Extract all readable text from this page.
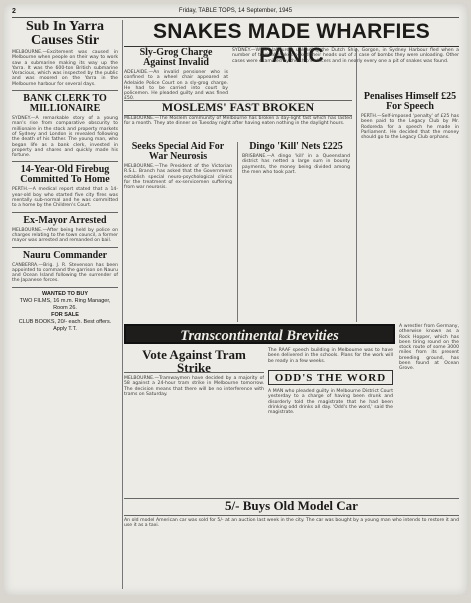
2	Friday, TABLE TOPS, 14 September, 1945
Sub In Yarra Causes Stir

MELBOURNE.—Excitement was caused in Melbourne when people on their way to work saw a submarine making its way up the Yarra. It was the 600-ton British submarine Voracious, which was inspected by the public and was moored on the Yarra in the Melbourne harbour for several days.

BANK CLERK TO MILLIONAIRE

SYDNEY.—A remarkable story of a young man's rise from comparative obscurity to millionaire in the stock and property markets of Sydney and London is revealed following the death of his father. The young man, who began life as a bank clerk, invested in property and shares and quickly made his fortune.

14-Year-Old Firebug Committed To Home

PERTH.—A medical report stated that a 14-year-old boy who started five city fires was mentally sub-normal and he was committed to a home by the Children's Court.

Ex-Mayor Arrested

MELBOURNE.—After being held by police on charges relating to the town council, a former mayor was arrested and remanded on bail.

Nauru Commander

CANBERRA.—Brig. J. R. Stevenson has been appointed to command the garrison on Nauru and Ocean Island following the surrender of the Japanese forces.

WANTED TO BUY
TWO FILMS, 16 m.m. Ring Manager, Room 26.
FOR SALE
CLUB BOOKS, 20/- each. Best offers. Apply T.T.
SNAKES MADE WHARFIES PANIC

SYDNEY.—Wharf labourers unloading the Dutch Ship, Gorgon, in Sydney Harbour fled when a number of tropical snakes poked their heads out of a case of bombs they were unloading. Other cases were examined by the ship's officers and in nearly every one a pit of snakes was found.

Sly-Grog Charge Against Invalid

ADELAIDE.—An invalid pensioner who is confined to a wheel chair appeared at Adelaide Police Court on a sly-grog charge. He had to be carried into court by policemen. He pleaded guilty and was fined £50.

MOSLEMS' FAST BROKEN

MELBOURNE.—The Moslem community of Melbourne has broken a day-light fast which has lasted for a month. They ate dinner on Tuesday night after having eaten nothing in the daylight hours.

Seeks Special Aid For War Neurosis

MELBOURNE.—The President of the Victorian R.S.L. Branch has asked that the Government establish special neuro-psychological clinics for the treatment of ex-servicemen suffering from war neurosis.

Dingo 'Kill' Nets £225

BRISBANE.—A dingo 'kill' in a Queensland district has netted a large sum in bounty payments, the money being divided among the men who took part.

Penalises Himself £25 For Speech

PERTH.—Self-imposed 'penalty' of £25 has been paid to the Legacy Club by Mr. Rodoreda for a speech he made in Parliament. He decided that the money should go to the Legacy Club orphans.

Transcontinental Brevities

A wrestler from Germany, otherwise known as a Rock Hopper, which has been tiring round on the stock route of some 3000 miles from its present breeding ground, has been found at Ocean Grove.

Vote Against Tram Strike

MELBOURNE.—Tramwaymen have decided by a majority of 58 against a 24-hour tram strike in Melbourne tomorrow. The decision means that there will be no interference with trams on Saturday.

The RAAF speech building in Melbourne was to have been delivered in the schools. Plans for the work will be ready in a few weeks.

ODD'S THE WORD

A MAN who pleaded guilty in Melbourne District Court yesterday to a charge of having been drunk and disorderly told the magistrate that he had been drinking odd drinks all day. 'Odd's the word,' said the magistrate.

5/- Buys Old Model Car

An old model American car was sold for 5/- at an auction last week in the city. The car was bought by a young man who intends to restore it and use it as a taxi.
